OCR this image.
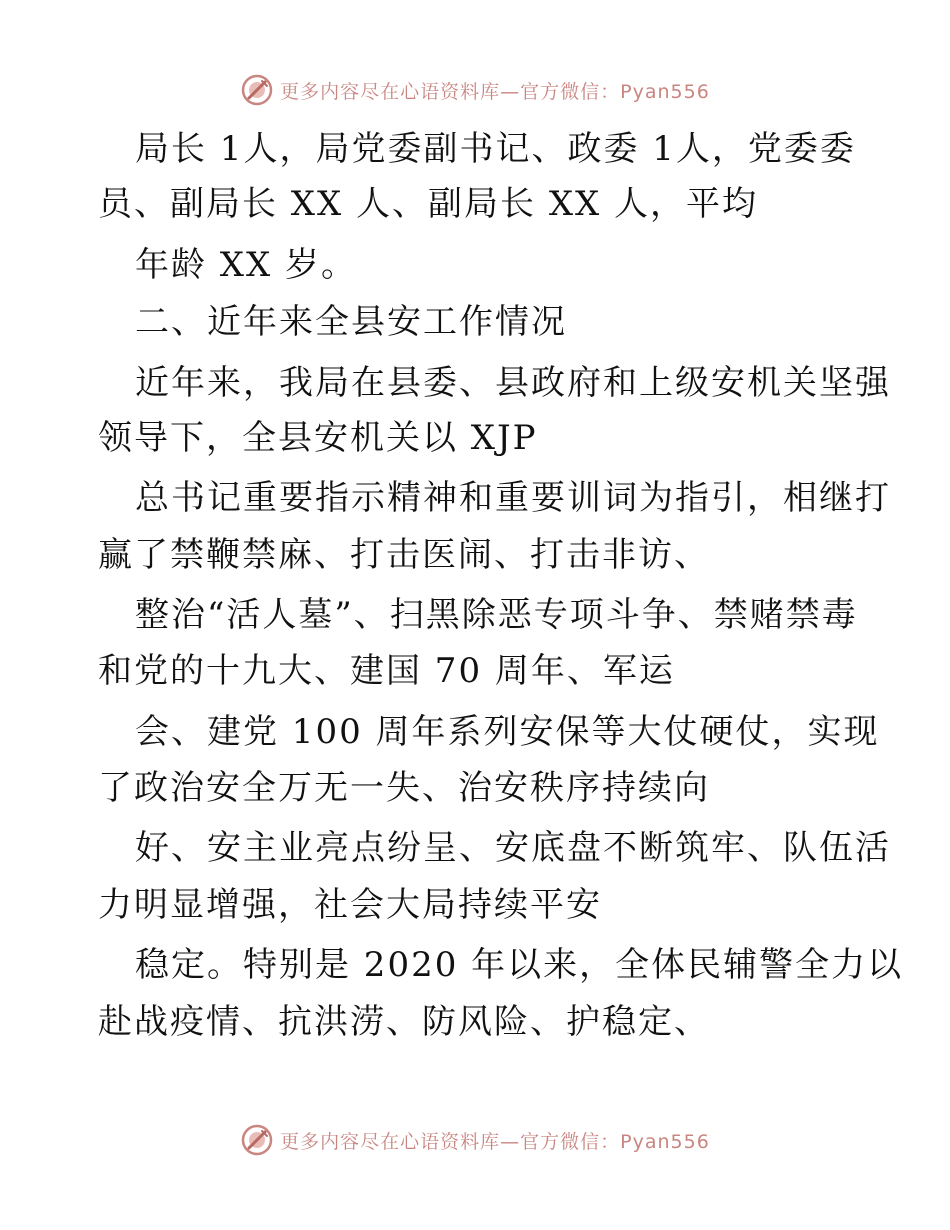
更多内容尽在心语资料库—官方微信：Pyan556
局长 1人，局党委副书记、政委 1人，党委委
员、副局长 XX 人、副局长 XX 人，平均
年龄 XX 岁。
二、近年来全县安工作情况
近年来，我局在县委、县政府和上级安机关坚强
领导下，全县安机关以 XJP
总书记重要指示精神和重要训词为指引，相继打
赢了禁鞭禁麻、打击医闹、打击非访、
整治“活人墓”、扫黑除恶专项斗争、禁赌禁毒
和党的十九大、建国 70 周年、军运
会、建党 100 周年系列安保等大仗硬仗，实现
了政治安全万无一失、治安秩序持续向
好、安主业亮点纷呈、安底盘不断筑牢、队伍活
力明显增强，社会大局持续平安
稳定。特别是 2020 年以来，全体民辅警全力以
赴战疫情、抗洪涝、防风险、护稳定、
更多内容尽在心语资料库—官方微信：Pyan556
